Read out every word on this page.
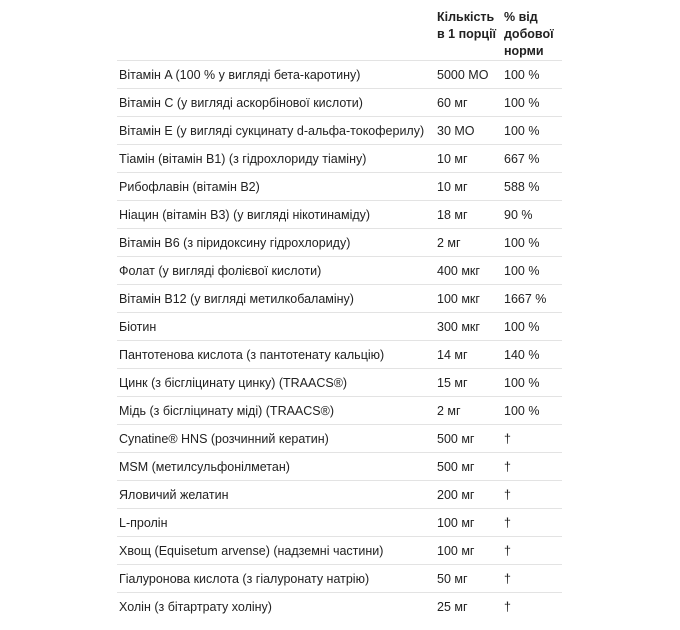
	Кількість в 1 порції	% від добової норми
Вітамін A (100 % у вигляді бета-каротину)	5000 МО	100 %
Вітамін C (у вигляді аскорбінової кислоти)	60 мг	100 %
Вітамін E (у вигляді сукцинату d-альфа-токоферилу)	30 МО	100 %
Тіамін (вітамін B1) (з гідрохлориду тіаміну)	10 мг	667 %
Рибофлавін (вітамін B2)	10 мг	588 %
Ніацин (вітамін B3) (у вигляді нікотинаміду)	18 мг	90 %
Вітамін B6 (з піридоксину гідрохлориду)	2 мг	100 %
Фолат (у вигляді фолієвої кислоти)	400 мкг	100 %
Вітамін B12 (у вигляді метилкобаламіну)	100 мкг	1667 %
Біотин	300 мкг	100 %
Пантотенова кислота (з пантотенату кальцію)	14 мг	140 %
Цинк (з бісгліцинату цинку) (TRAACS®)	15 мг	100 %
Мідь (з бісгліцинату міді) (TRAACS®)	2 мг	100 %
Cynatine® HNS (розчинний кератин)	500 мг	†
MSM (метилсульфонілметан)	500 мг	†
Яловичий желатин	200 мг	†
L-пролін	100 мг	†
Хвощ (Equisetum arvense) (надземні частини)	100 мг	†
Гіалуронова кислота (з гіалуронату натрію)	50 мг	†
Холін (з бітартрату холіну)	25 мг	†
